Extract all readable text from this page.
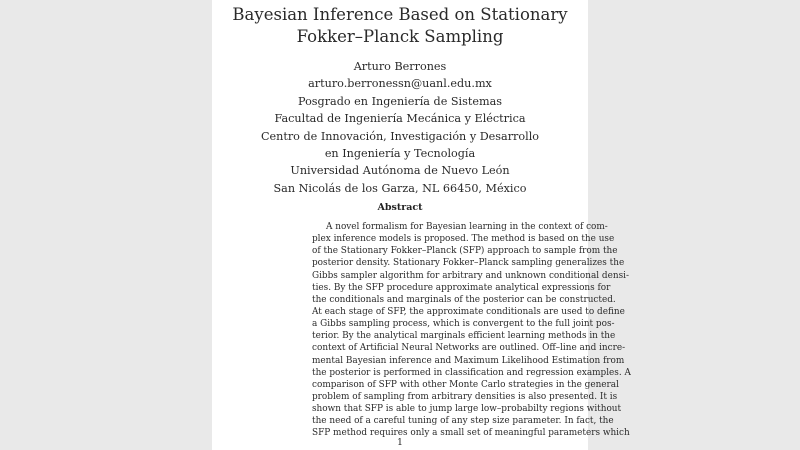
Bayesian Inference Based on Stationary
Fokker–Planck Sampling
Arturo Berrones
arturo.berronessn@uanl.edu.mx
Posgrado en Ingeniería de Sistemas
Facultad de Ingeniería Mecánica y Eléctrica
Centro de Innovación, Investigación y Desarrollo
en Ingeniería y Tecnología
Universidad Autónoma de Nuevo León
San Nicolás de los Garza, NL 66450, México
Abstract
A novel formalism for Bayesian learning in the context of com-
plex inference models is proposed. The method is based on the use
of the Stationary Fokker–Planck (SFP) approach to sample from the
posterior density. Stationary Fokker–Planck sampling generalizes the
Gibbs sampler algorithm for arbitrary and unknown conditional densi-
ties. By the SFP procedure approximate analytical expressions for
the conditionals and marginals of the posterior can be constructed.
At each stage of SFP, the approximate conditionals are used to define
a Gibbs sampling process, which is convergent to the full joint pos-
terior. By the analytical marginals efficient learning methods in the
context of Artificial Neural Networks are outlined. Off–line and incre-
mental Bayesian inference and Maximum Likelihood Estimation from
the posterior is performed in classification and regression examples. A
comparison of SFP with other Monte Carlo strategies in the general
problem of sampling from arbitrary densities is also presented. It is
shown that SFP is able to jump large low–probabilty regions without
the need of a careful tuning of any step size parameter. In fact, the
SFP method requires only a small set of meaningful parameters which
1
